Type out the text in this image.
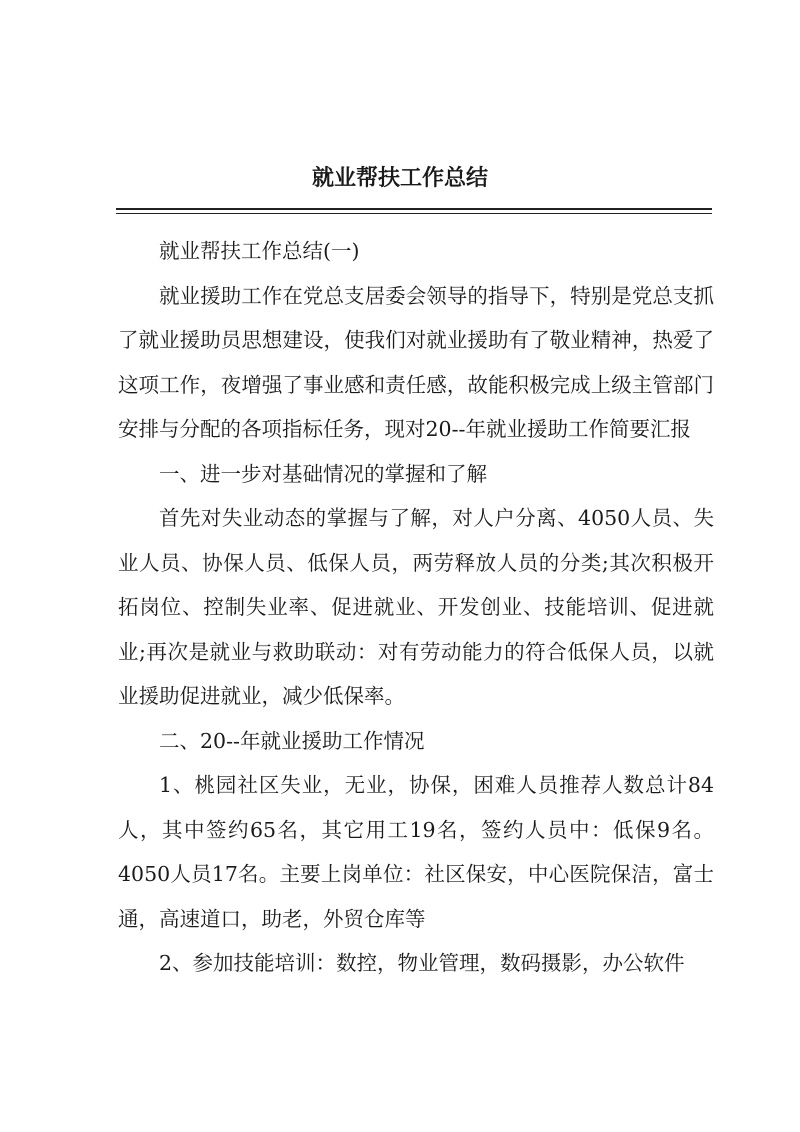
就业帮扶工作总结

就业帮扶工作总结(一)

就业援助工作在党总支居委会领导的指导下，特别是党总支抓了就业援助员思想建设，使我们对就业援助有了敬业精神，热爱了这项工作，夜增强了事业感和责任感，故能积极完成上级主管部门安排与分配的各项指标任务，现对20--年就业援助工作简要汇报

一、进一步对基础情况的掌握和了解

首先对失业动态的掌握与了解，对人户分离、4050人员、失业人员、协保人员、低保人员，两劳释放人员的分类;其次积极开拓岗位、控制失业率、促进就业、开发创业、技能培训、促进就业;再次是就业与救助联动：对有劳动能力的符合低保人员，以就业援助促进就业，减少低保率。

二、20--年就业援助工作情况

1、桃园社区失业，无业，协保，困难人员推荐人数总计84人，其中签约65名，其它用工19名，签约人员中：低保9名。4050人员17名。主要上岗单位：社区保安，中心医院保洁，富士通，高速道口，助老，外贸仓库等

2、参加技能培训：数控，物业管理，数码摄影，办公软件
